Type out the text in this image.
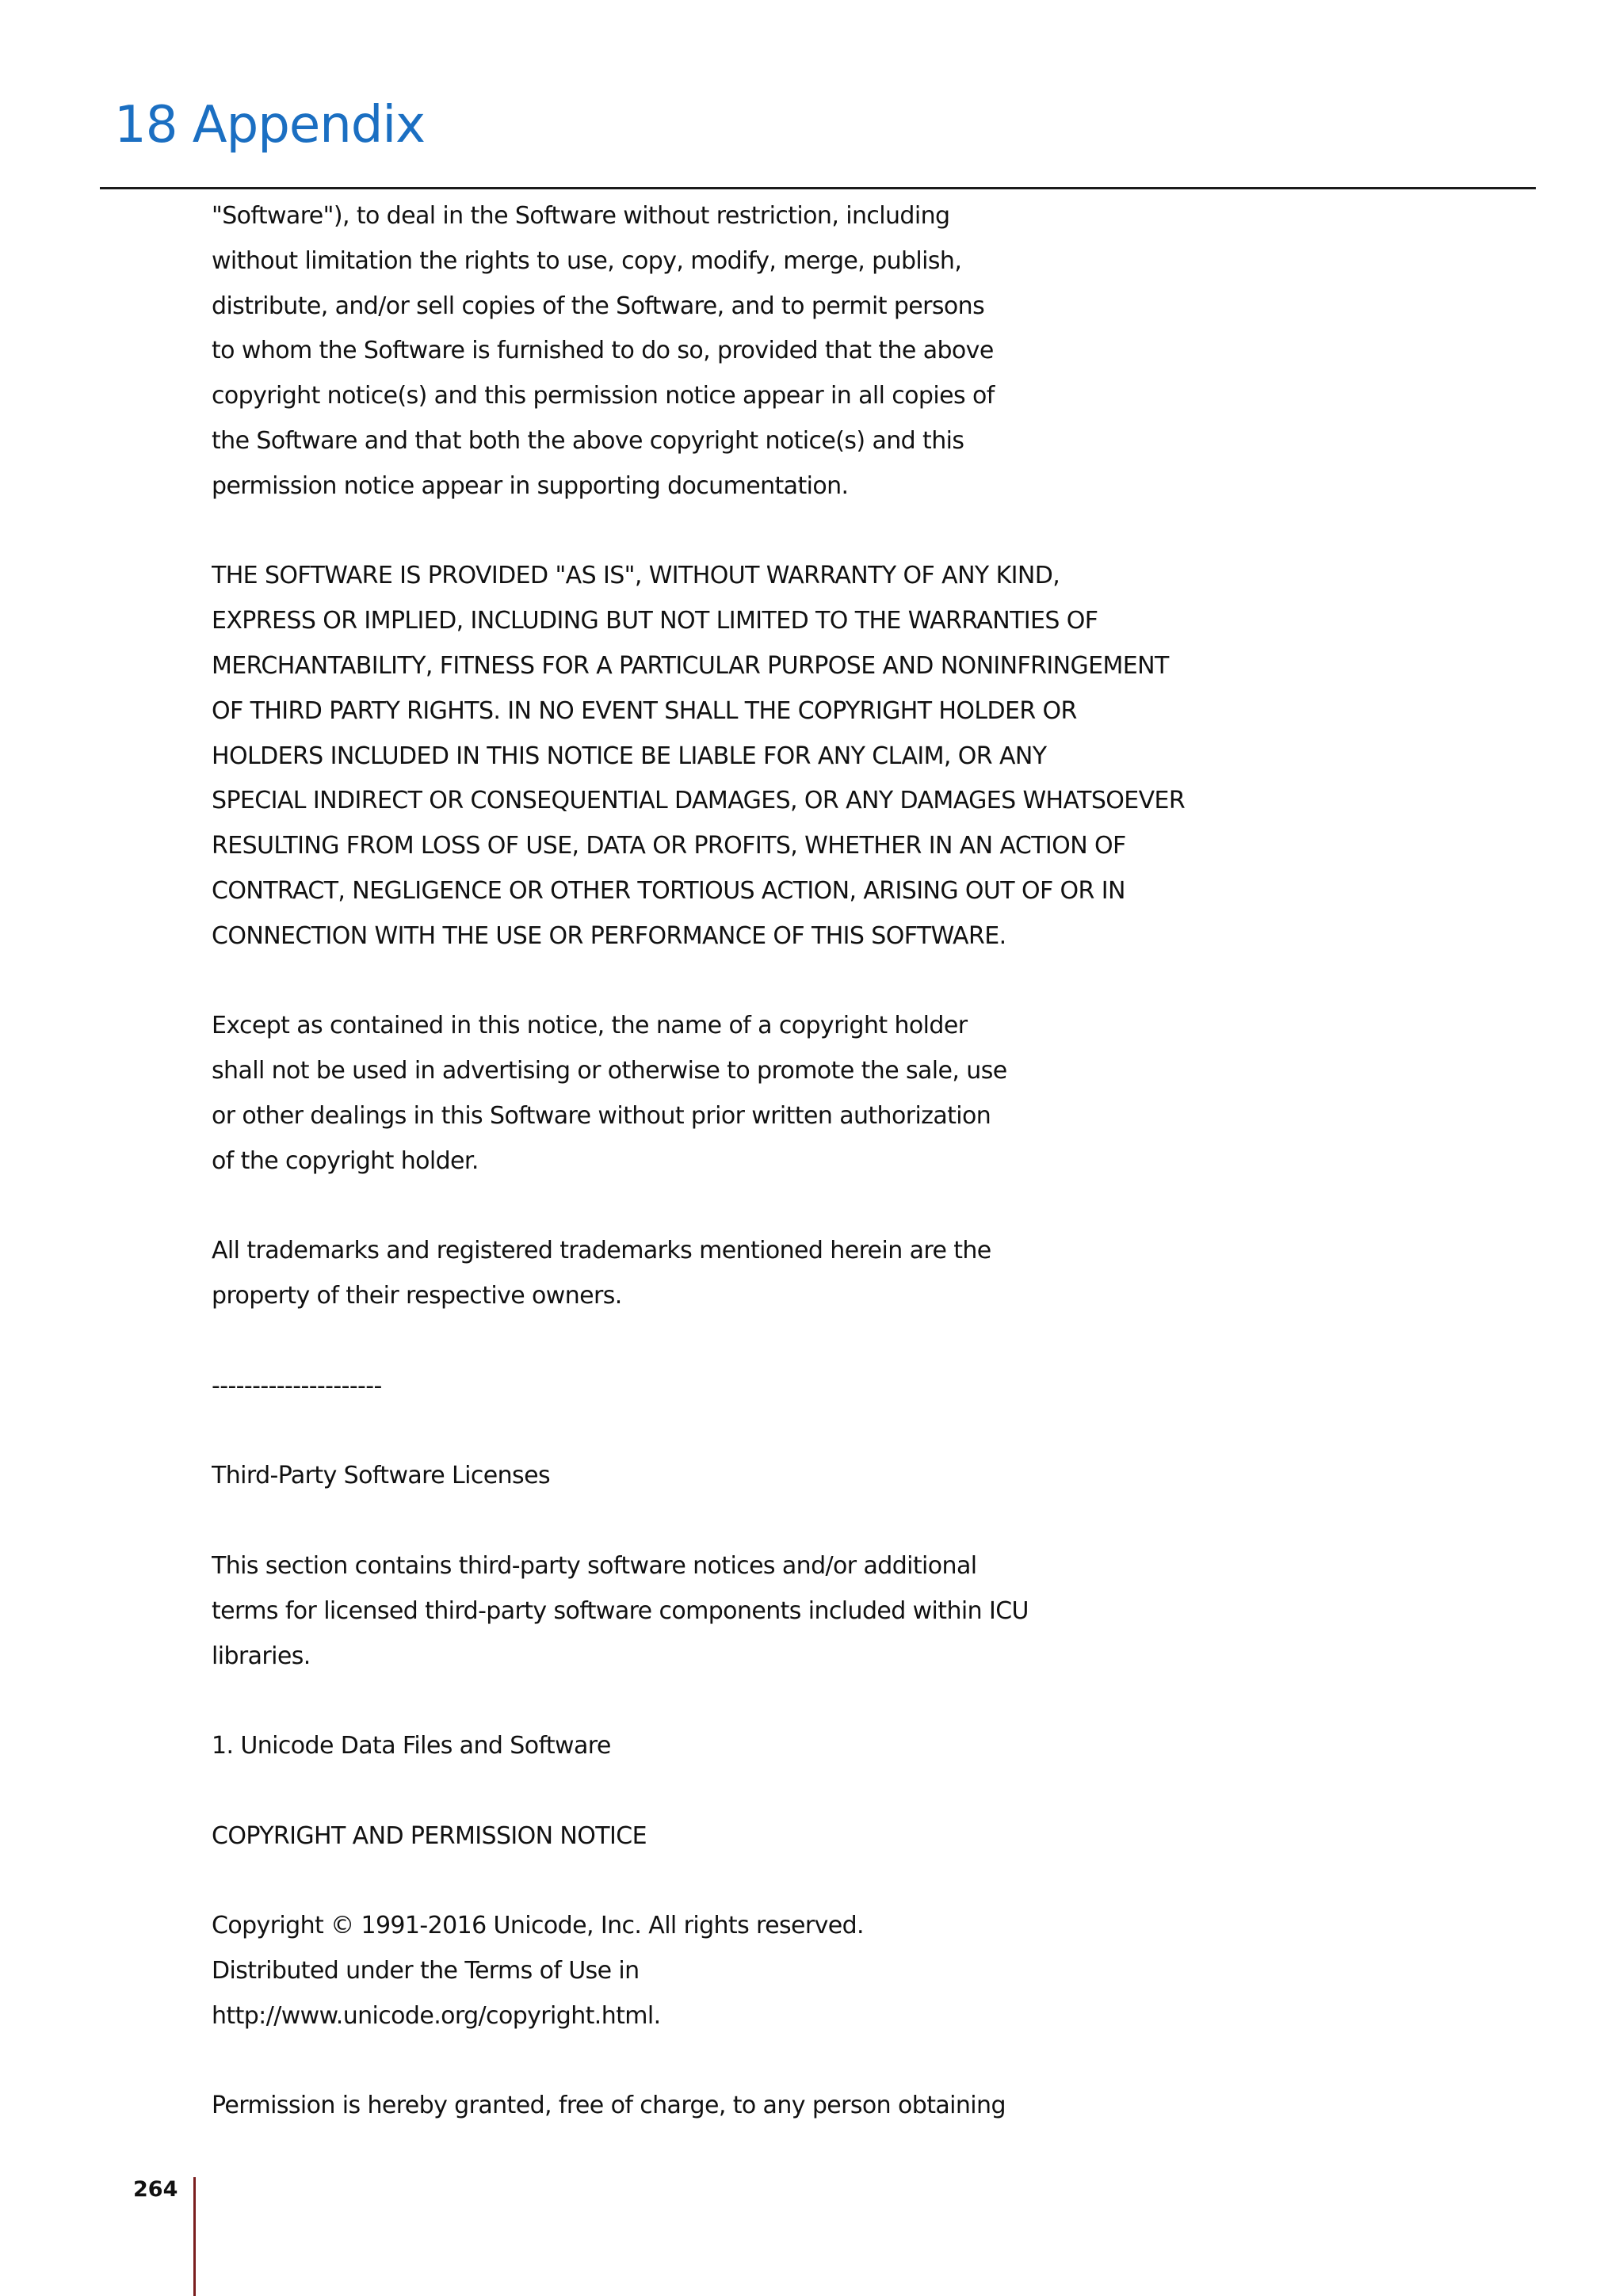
18 Appendix
"Software"), to deal in the Software without restriction, including
without limitation the rights to use, copy, modify, merge, publish,
distribute, and/or sell copies of the Software, and to permit persons
to whom the Software is furnished to do so, provided that the above
copyright notice(s) and this permission notice appear in all copies of
the Software and that both the above copyright notice(s) and this
permission notice appear in supporting documentation.
THE SOFTWARE IS PROVIDED "AS IS", WITHOUT WARRANTY OF ANY KIND,
EXPRESS OR IMPLIED, INCLUDING BUT NOT LIMITED TO THE WARRANTIES OF
MERCHANTABILITY, FITNESS FOR A PARTICULAR PURPOSE AND NONINFRINGEMENT
OF THIRD PARTY RIGHTS. IN NO EVENT SHALL THE COPYRIGHT HOLDER OR
HOLDERS INCLUDED IN THIS NOTICE BE LIABLE FOR ANY CLAIM, OR ANY
SPECIAL INDIRECT OR CONSEQUENTIAL DAMAGES, OR ANY DAMAGES WHATSOEVER
RESULTING FROM LOSS OF USE, DATA OR PROFITS, WHETHER IN AN ACTION OF
CONTRACT, NEGLIGENCE OR OTHER TORTIOUS ACTION, ARISING OUT OF OR IN
CONNECTION WITH THE USE OR PERFORMANCE OF THIS SOFTWARE.
Except as contained in this notice, the name of a copyright holder
shall not be used in advertising or otherwise to promote the sale, use
or other dealings in this Software without prior written authorization
of the copyright holder.
All trademarks and registered trademarks mentioned herein are the
property of their respective owners.
---------------------
Third-Party Software Licenses
This section contains third-party software notices and/or additional
terms for licensed third-party software components included within ICU
libraries.
1. Unicode Data Files and Software
COPYRIGHT AND PERMISSION NOTICE
Copyright © 1991-2016 Unicode, Inc. All rights reserved.
Distributed under the Terms of Use in
http://www.unicode.org/copyright.html.
Permission is hereby granted, free of charge, to any person obtaining
264
